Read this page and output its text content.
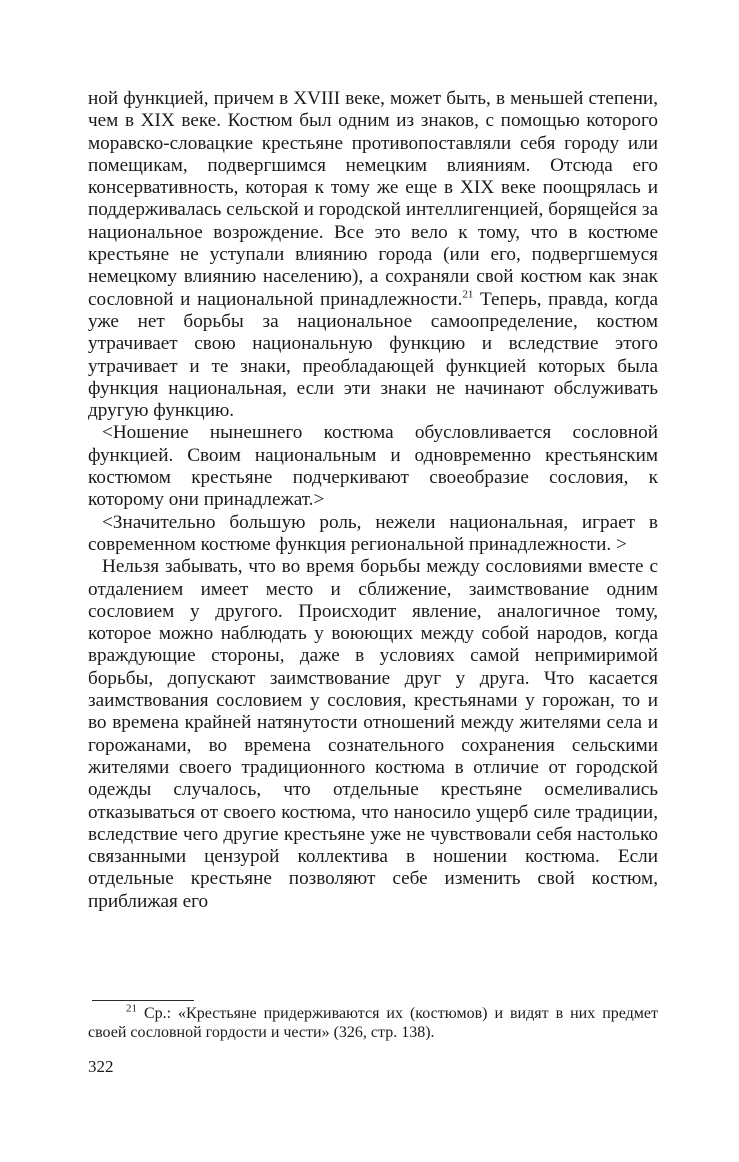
ной функцией, причем в XVIII веке, может быть, в меньшей степени, чем в XIX веке. Костюм был одним из знаков, с помощью которого моравско-словацкие крестьяне противопоставляли себя городу или помещикам, подвергшимся немецким влияниям. Отсюда его консервативность, которая к тому же еще в XIX веке поощрялась и поддерживалась сельской и городской интеллигенцией, борящейся за национальное возрождение. Все это вело к тому, что в костюме крестьяне не уступали влиянию города (или его, подвергшемуся немецкому влиянию населению), а сохраняли свой костюм как знак сословной и национальной принадлежности.$^{21}$ Теперь, правда, когда уже нет борьбы за национальное самоопределение, костюм утрачивает свою национальную функцию и вследствие этого утрачивает и те знаки, преобладающей функцией которых была функция национальная, если эти знаки не начинают обслуживать другую функцию.

<Ношение нынешнего костюма обусловливается сословной функцией. Своим национальным и одновременно крестьянским костюмом крестьяне подчеркивают своеобразие сословия, к которому они принадлежат.>

<Значительно большую роль, нежели национальная, играет в современном костюме функция региональной принадлежности. >

Нельзя забывать, что во время борьбы между сословиями вместе с отдалением имеет место и сближение, заимствование одним сословием у другого. Происходит явление, аналогичное тому, которое можно наблюдать у воюющих между собой народов, когда враждующие стороны, даже в условиях самой непримиримой борьбы, допускают заимствование друг у друга. Что касается заимствования сословием у сословия, крестьянами у горожан, то и во времена крайней натянутости отношений между жителями села и горожанами, во времена сознательного сохранения сельскими жителями своего традиционного костюма в отличие от городской одежды случалось, что отдельные крестьяне осмеливались отказываться от своего костюма, что наносило ущерб силе традиции, вследствие чего другие крестьяне уже не чувствовали себя настолько связанными цензурой коллектива в ношении костюма. Если отдельные крестьяне позволяют себе изменить свой костюм, приближая его

$^{21}$ Ср.: «Крестьяне придерживаются их (костюмов) и видят в них предмет своей сословной гордости и чести» (326, стр. 138).

322
